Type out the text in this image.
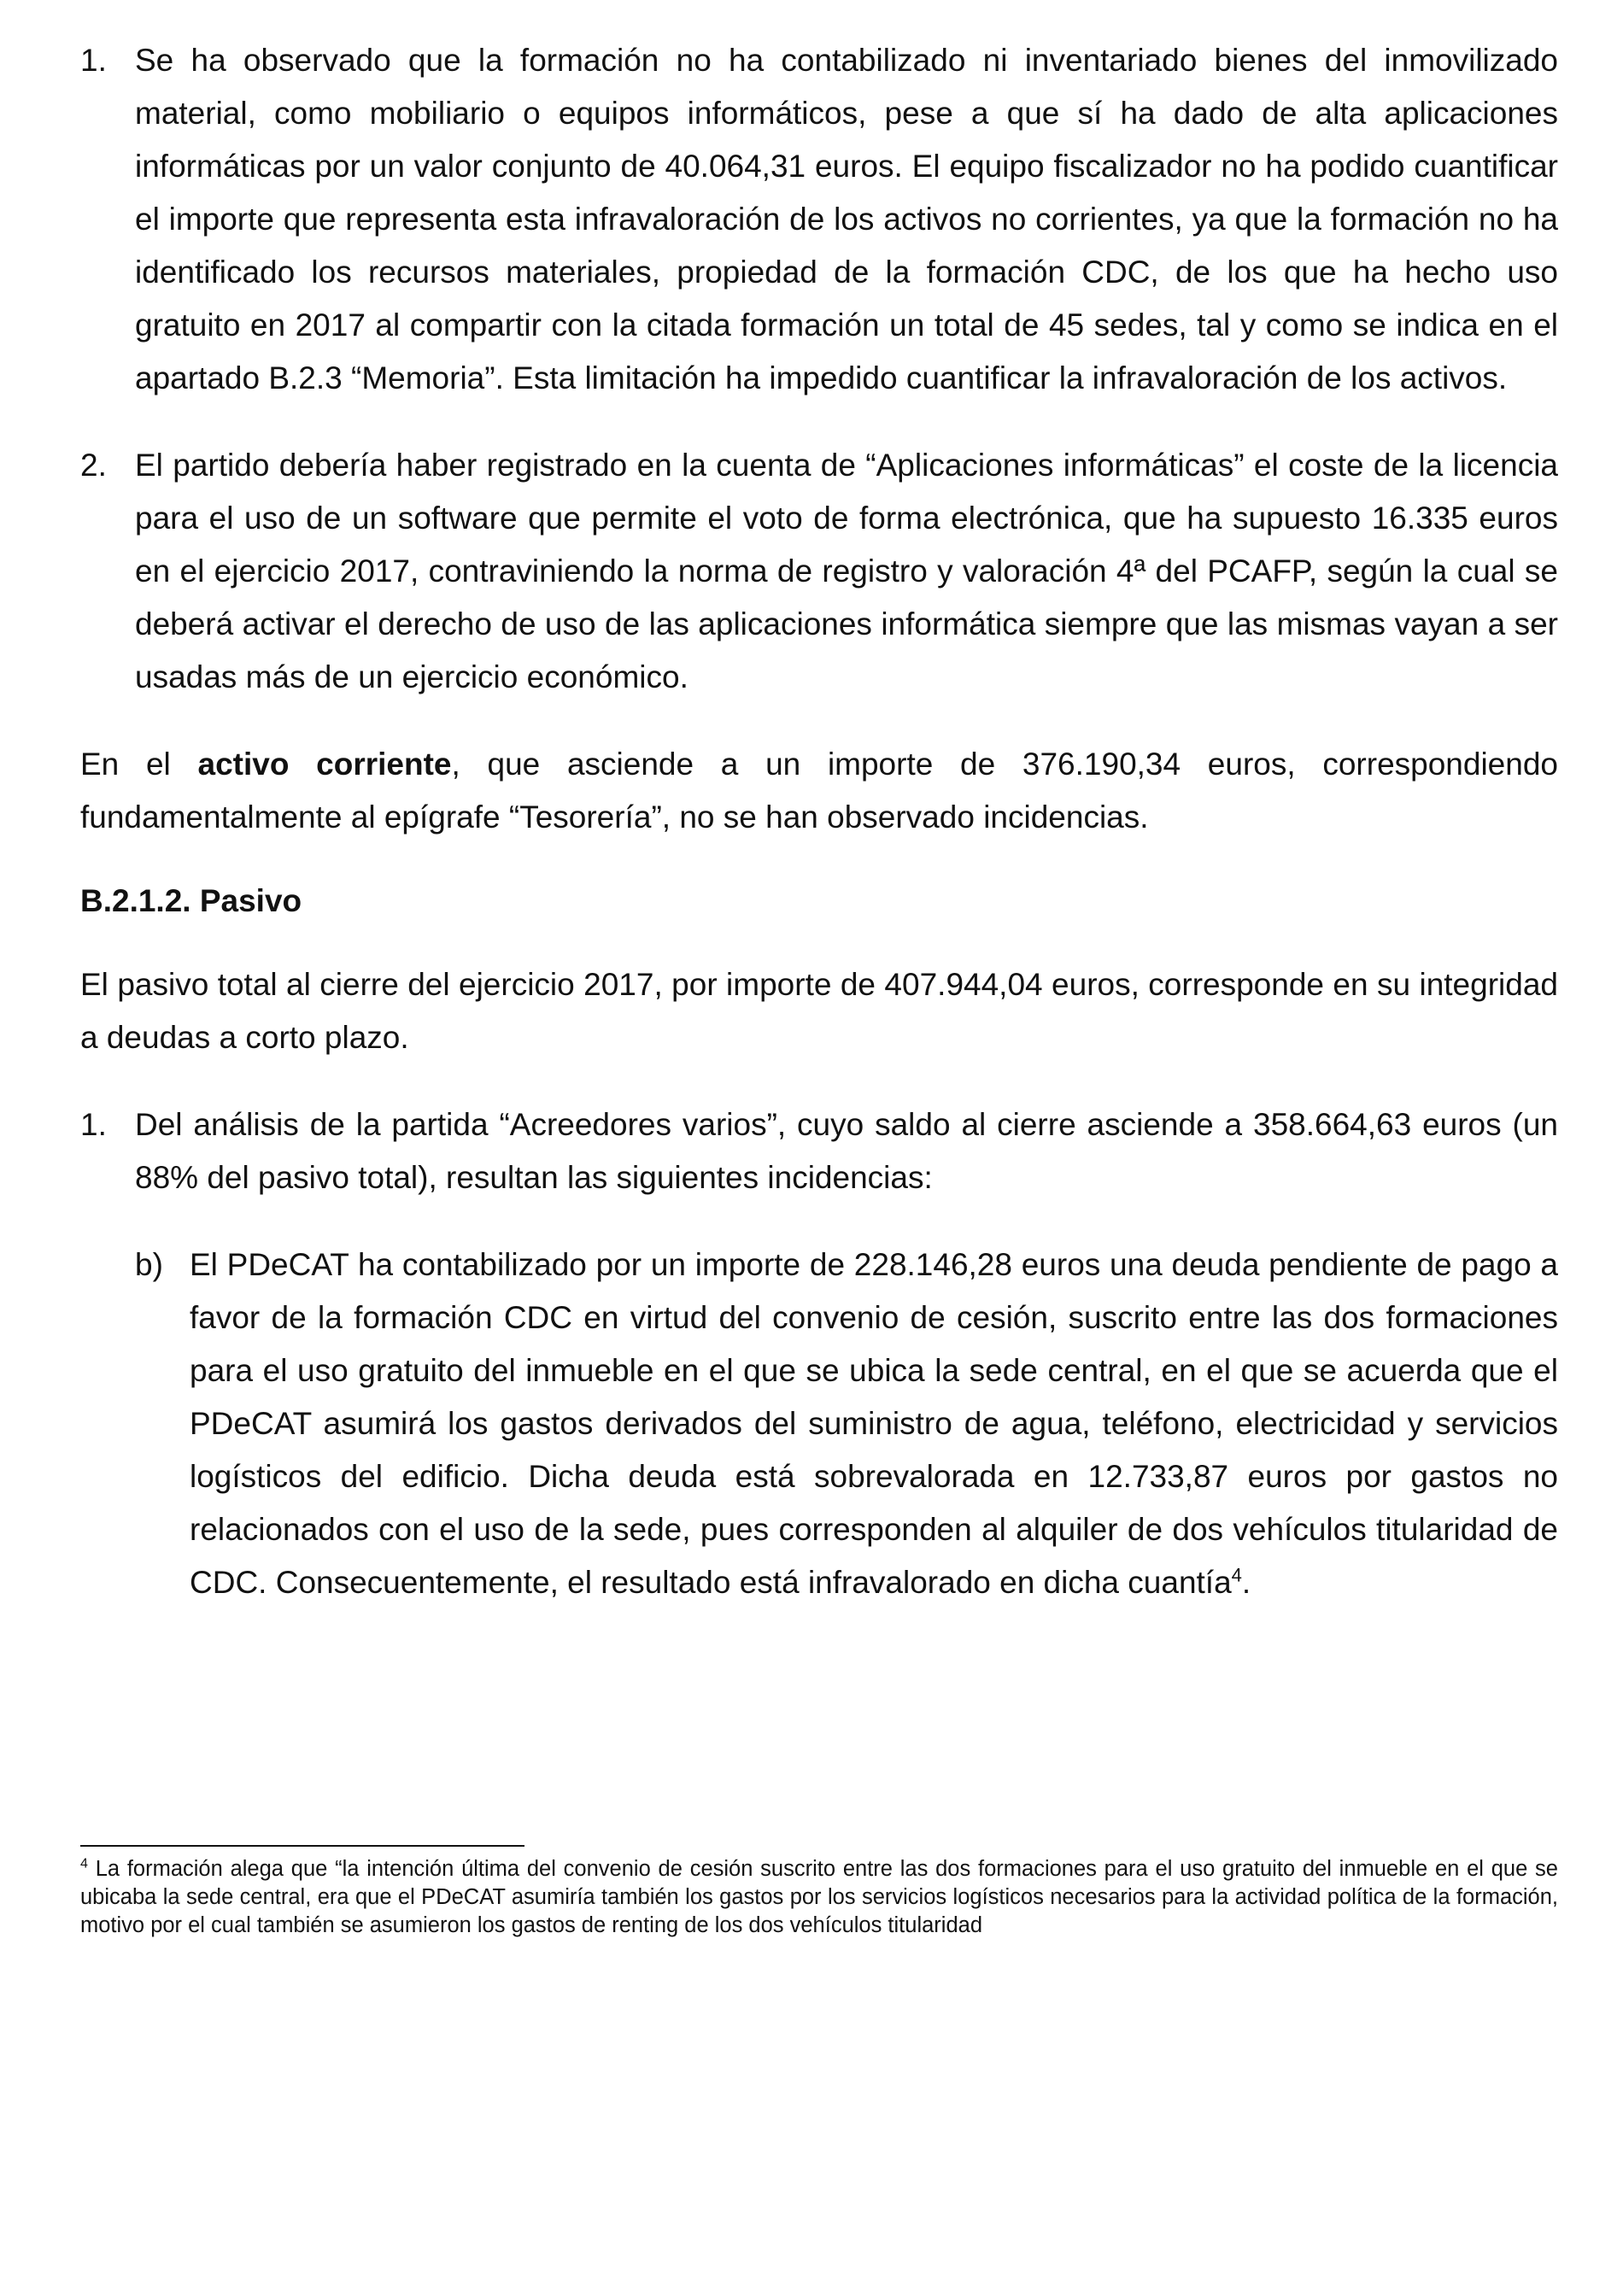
1. Se ha observado que la formación no ha contabilizado ni inventariado bienes del inmovilizado material, como mobiliario o equipos informáticos, pese a que sí ha dado de alta aplicaciones informáticas por un valor conjunto de 40.064,31 euros. El equipo fiscalizador no ha podido cuantificar el importe que representa esta infravaloración de los activos no corrientes, ya que la formación no ha identificado los recursos materiales, propiedad de la formación CDC, de los que ha hecho uso gratuito en 2017 al compartir con la citada formación un total de 45 sedes, tal y como se indica en el apartado B.2.3 “Memoria”. Esta limitación ha impedido cuantificar la infravaloración de los activos.

2. El partido debería haber registrado en la cuenta de “Aplicaciones informáticas” el coste de la licencia para el uso de un software que permite el voto de forma electrónica, que ha supuesto 16.335 euros en el ejercicio 2017, contraviniendo la norma de registro y valoración 4ª del PCAFP, según la cual se deberá activar el derecho de uso de las aplicaciones informática siempre que las mismas vayan a ser usadas más de un ejercicio económico.

En el activo corriente, que asciende a un importe de 376.190,34 euros, correspondiendo fundamentalmente al epígrafe “Tesorería”, no se han observado incidencias.

B.2.1.2. Pasivo

El pasivo total al cierre del ejercicio 2017, por importe de 407.944,04 euros, corresponde en su integridad a deudas a corto plazo.

1. Del análisis de la partida “Acreedores varios”, cuyo saldo al cierre asciende a 358.664,63 euros (un 88% del pasivo total), resultan las siguientes incidencias:

b) El PDeCAT ha contabilizado por un importe de 228.146,28 euros una deuda pendiente de pago a favor de la formación CDC en virtud del convenio de cesión, suscrito entre las dos formaciones para el uso gratuito del inmueble en el que se ubica la sede central, en el que se acuerda que el PDeCAT asumirá los gastos derivados del suministro de agua, teléfono, electricidad y servicios logísticos del edificio. Dicha deuda está sobrevalorada en 12.733,87 euros por gastos no relacionados con el uso de la sede, pues corresponden al alquiler de dos vehículos titularidad de CDC. Consecuentemente, el resultado está infravalorado en dicha cuantía$^4$.

$^4$ La formación alega que “la intención última del convenio de cesión suscrito entre las dos formaciones para el uso gratuito del inmueble en el que se ubicaba la sede central, era que el PDeCAT asumiría también los gastos por los servicios logísticos necesarios para la actividad política de la formación, motivo por el cual también se asumieron los gastos de renting de los dos vehículos titularidad
